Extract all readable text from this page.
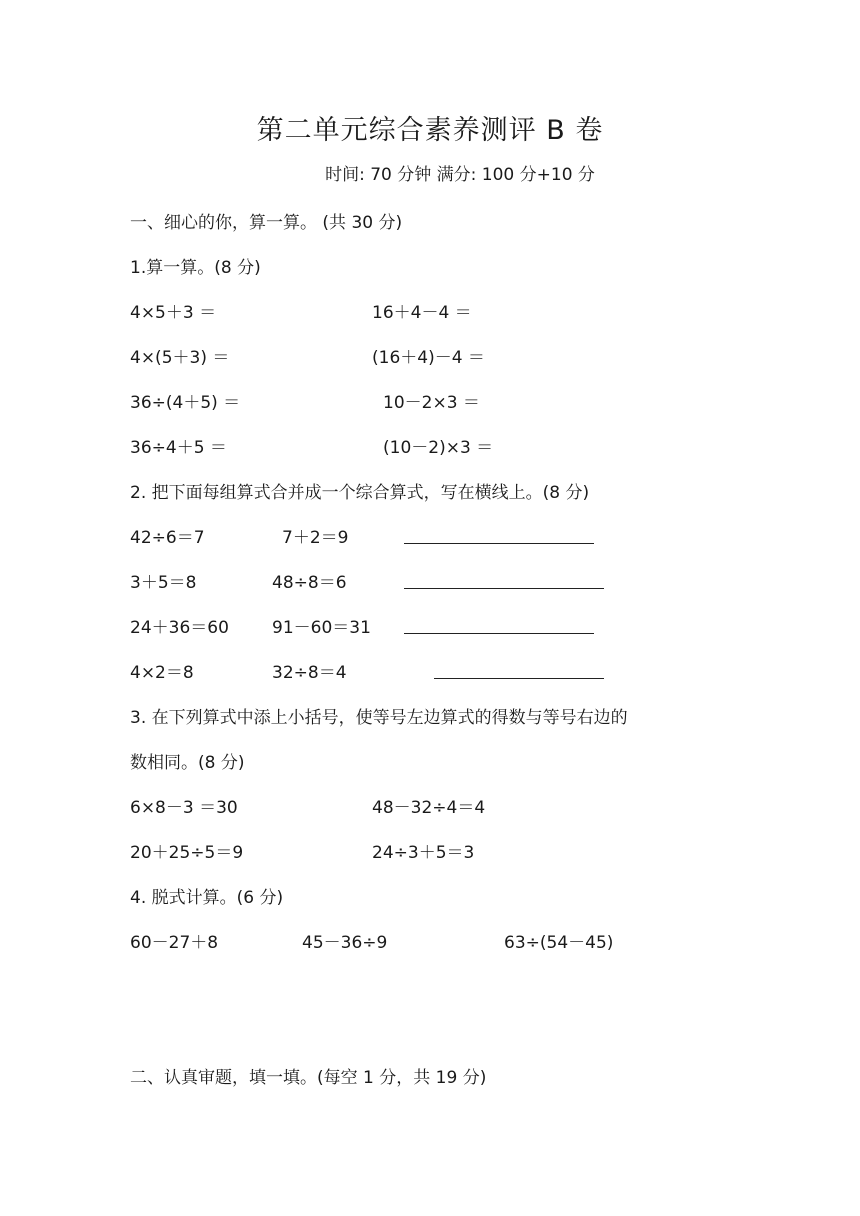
第二单元综合素养测评 B 卷
时间: 70 分钟 满分: 100 分+10 分
一、细心的你，算一算。 (共 30 分)
1.算一算。(8 分)
4×5＋3 ＝	16＋4－4 ＝
4×(5＋3) ＝	(16＋4)－4 ＝
36÷(4＋5) ＝	10－2×3 ＝
36÷4＋5 ＝	(10－2)×3 ＝
2. 把下面每组算式合并成一个综合算式，写在横线上。(8 分)
42÷6＝7	7＋2＝9
3＋5＝8	48÷8＝6
24＋36＝60	91－60＝31
4×2＝8	32÷8＝4
3. 在下列算式中添上小括号，使等号左边算式的得数与等号右边的
数相同。(8 分)
6×8－3 ＝30	48－32÷4＝4
20＋25÷5＝9	24÷3＋5＝3
4. 脱式计算。(6 分)
60－27＋8	45－36÷9	63÷(54－45)
二、认真审题，填一填。(每空 1 分，共 19 分)
